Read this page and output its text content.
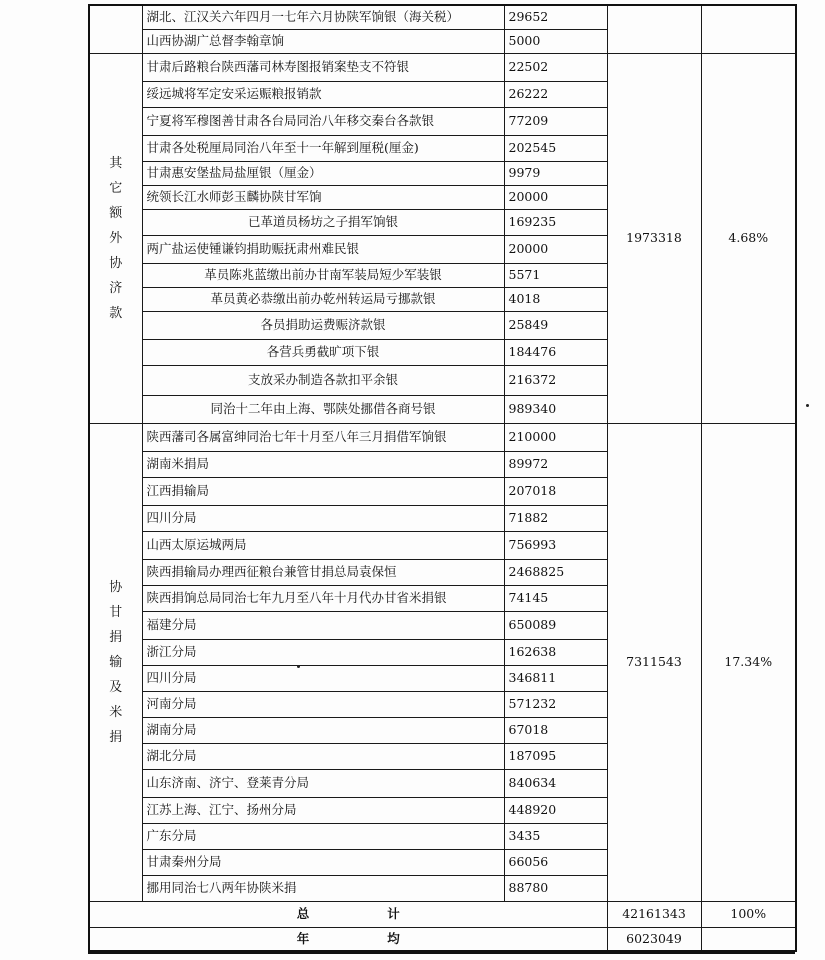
	湖北、江汉关六年四月一七年六月协陕军饷银（海关税）	29652		
	山西协湖广总督李翰章饷	5000		
其它额外协济款	甘肃后路粮台陕西藩司林寿图报销案垫支不符银	22502	1973318	4.68%
	绥远城将军定安采运赈粮报销款	26222		
	宁夏将军穆图善甘肃各台局同治八年移交秦台各款银	77209		
	甘肃各处税厘局同治八年至十一年解到厘税(厘金)	202545		
	甘肃惠安堡盐局盐厘银（厘金）	9979		
	统领长江水师彭玉麟协陕甘军饷	20000		
	已革道员杨坊之子捐军饷银	169235		
	两广盐运使锺谦钧捐助赈抚肃州难民银	20000		
	革员陈兆蓝缴出前办甘南军装局短少军装银	5571		
	革员黄必恭缴出前办乾州转运局亏挪款银	4018		
	各员捐助运费赈济款银	25849		
	各营兵勇截旷项下银	184476		
	支放采办制造各款扣平余银	216372		
	同治十二年由上海、鄂陕处挪借各商号银	989340		
协甘捐输及米捐	陕西藩司各属富绅同治七年十月至八年三月捐借军饷银	210000	7311543	17.34%
	湖南米捐局	89972		
	江西捐输局	207018		
	四川分局	71882		
	山西太原运城两局	756993		
	陕西捐输局办理西征粮台兼管甘捐总局袁保恒	2468825		
	陕西捐饷总局同治七年九月至八年十月代办甘省米捐银	74145		
	福建分局	650089		
	浙江分局	162638		
	四川分局	346811		
	河南分局	571232		
	湖南分局	67018		
	湖北分局	187095		
	山东济南、济宁、登莱青分局	840634		
	江苏上海、江宁、扬州分局	448920		
	广东分局	3435		
	甘肃秦州分局	66056		
	挪用同治七八两年协陕米捐	88780		
总 计			42161343	100%
年 均			6023049	
